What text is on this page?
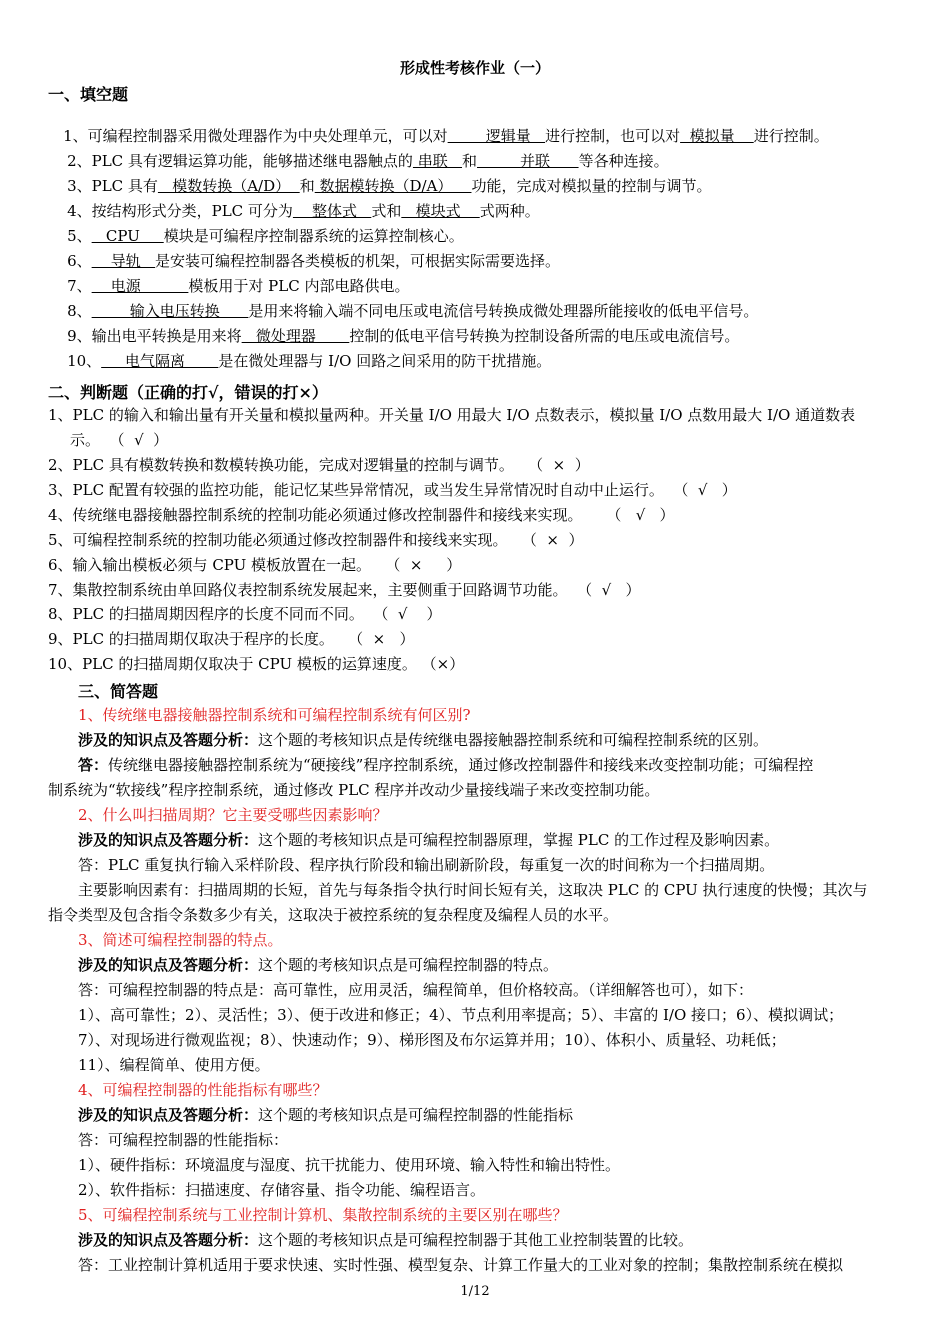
形成性考核作业（一）
一、填空题

1、可编程控制器采用微处理器作为中央处理单元，可以对        逻辑量   进行控制，也可以对  模拟量    进行控制。

2、PLC 具有逻辑运算功能，能够描述继电器触点的 串联   和         并联      等各种连接。

3、PLC 具有   模数转换（A/D）  和 数据模转换（D/A）    功能，完成对模拟量的控制与调节。

4、按结构形式分类，PLC 可分为    整体式   式和   模块式    式两种。

5、   CPU     模块是可编程序控制器系统的运算控制核心。

6、    导轨   是安装可编程控制器各类模板的机架，可根据实际需要选择。

7、    电源          模板用于对 PLC 内部电路供电。

8、        输入电压转换      是用来将输入端不同电压或电流信号转换成微处理器所能接收的低电平信号。

9、输出电平转换是用来将   微处理器       控制的低电平信号转换为控制设备所需的电压或电流信号。

10、     电气隔离       是在微处理器与 I/O 回路之间采用的防干扰措施。

二、判断题（正确的打√，错误的打×）
1、PLC 的输入和输出量有开关量和模拟量两种。开关量 I/O 用最大 I/O 点数表示，模拟量 I/O 点数用最大 I/O 通道数表
示。  （  √  ）
2、PLC 具有模数转换和数模转换功能，完成对逻辑量的控制与调节。   （  ×  ）
3、PLC 配置有较强的监控功能，能记忆某些异常情况，或当发生异常情况时自动中止运行。  （  √   ）
4、传统继电器接触器控制系统的控制功能必须通过修改控制器件和接线来实现。     （   √   ）
5、可编程控制系统的控制功能必须通过修改控制器件和接线来实现。   （  ×  ）
6、输入输出模板必须与 CPU 模板放置在一起。   （  ×     ）
7、集散控制系统由单回路仪表控制系统发展起来，主要侧重于回路调节功能。  （  √   ）
8、PLC 的扫描周期因程序的长度不同而不同。  （  √    ）
9、PLC 的扫描周期仅取决于程序的长度。   （  ×   ）
10、PLC 的扫描周期仅取决于 CPU 模板的运算速度。 （×）
三、简答题
1、传统继电器接触器控制系统和可编程控制系统有何区别?
涉及的知识点及答题分析：这个题的考核知识点是传统继电器接触器控制系统和可编程控制系统的区别。
答：传统继电器接触器控制系统为“硬接线”程序控制系统，通过修改控制器件和接线来改变控制功能；可编程控
制系统为“软接线”程序控制系统，通过修改 PLC 程序并改动少量接线端子来改变控制功能。
2、什么叫扫描周期？它主要受哪些因素影响？
涉及的知识点及答题分析：这个题的考核知识点是可编程控制器原理，掌握 PLC 的工作过程及影响因素。
答：PLC 重复执行输入采样阶段、程序执行阶段和输出刷新阶段，每重复一次的时间称为一个扫描周期。
主要影响因素有：扫描周期的长短，首先与每条指令执行时间长短有关，这取决 PLC 的 CPU 执行速度的快慢；其次与
指令类型及包含指令条数多少有关，这取决于被控系统的复杂程度及编程人员的水平。
3、简述可编程控制器的特点。
涉及的知识点及答题分析：这个题的考核知识点是可编程控制器的特点。
答：可编程控制器的特点是：高可靠性，应用灵活，编程简单，但价格较高。（详细解答也可），如下：
1）、高可靠性；2）、灵活性；3）、便于改进和修正；4）、节点利用率提高；5）、丰富的 I/O 接口；6）、模拟调试；
7）、对现场进行微观监视；8）、快速动作；9）、梯形图及布尔运算并用；10）、体积小、质量轻、功耗低；
11）、编程简单、使用方便。
4、可编程控制器的性能指标有哪些？
涉及的知识点及答题分析：这个题的考核知识点是可编程控制器的性能指标
答：可编程控制器的性能指标：
1）、硬件指标：环境温度与湿度、抗干扰能力、使用环境、输入特性和输出特性。
2）、软件指标：扫描速度、存储容量、指令功能、编程语言。
5、可编程控制系统与工业控制计算机、集散控制系统的主要区别在哪些？
涉及的知识点及答题分析：这个题的考核知识点是可编程控制器于其他工业控制装置的比较。
答：工业控制计算机适用于要求快速、实时性强、模型复杂、计算工作量大的工业对象的控制；集散控制系统在模拟
1/12
